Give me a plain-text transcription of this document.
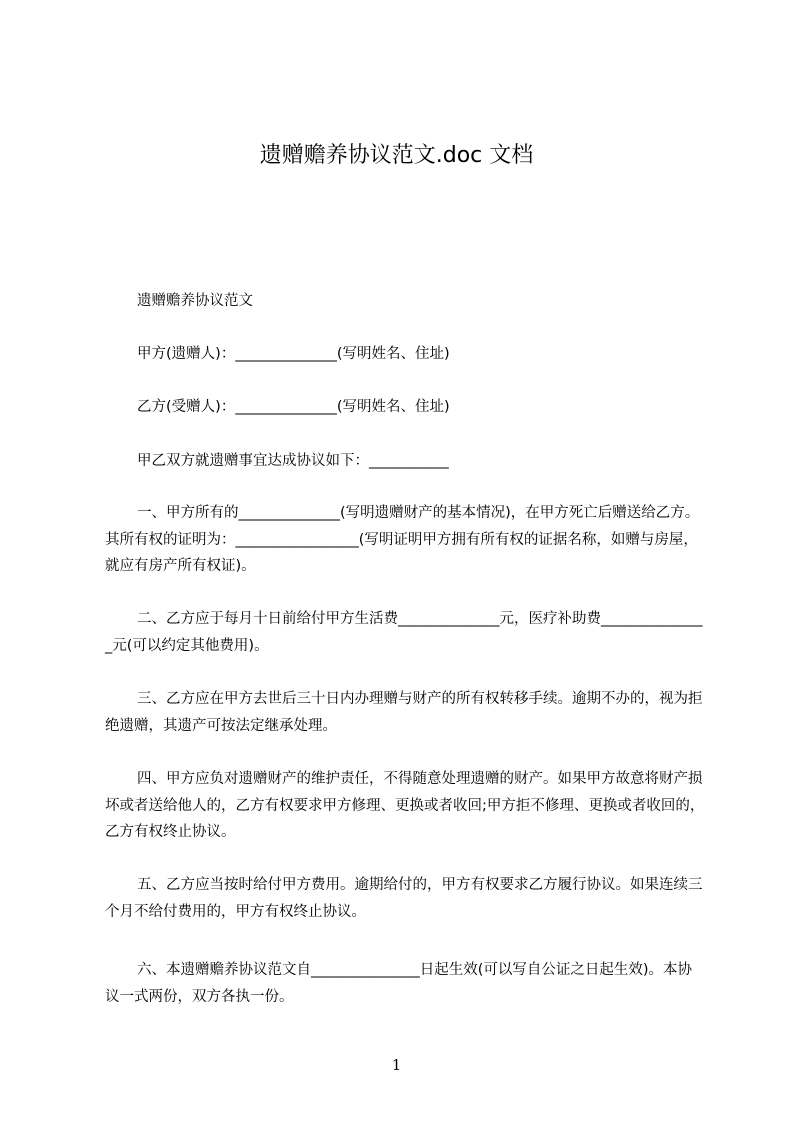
遗赠赡养协议范文.doc 文档

遗赠赡养协议范文

甲方(遗赠人)：______________(写明姓名、住址)

乙方(受赠人)：______________(写明姓名、住址)

甲乙双方就遗赠事宜达成协议如下：___________

一、甲方所有的______________(写明遗赠财产的基本情况)，在甲方死亡后赠送给乙方。其所有权的证明为：_________________(写明证明甲方拥有所有权的证据名称，如赠与房屋，就应有房产所有权证)。

二、乙方应于每月十日前给付甲方生活费______________元，医疗补助费_______________元(可以约定其他费用)。

三、乙方应在甲方去世后三十日内办理赠与财产的所有权转移手续。逾期不办的，视为拒绝遗赠，其遗产可按法定继承处理。

四、甲方应负对遗赠财产的维护责任，不得随意处理遗赠的财产。如果甲方故意将财产损坏或者送给他人的，乙方有权要求甲方修理、更换或者收回;甲方拒不修理、更换或者收回的，乙方有权终止协议。

五、乙方应当按时给付甲方费用。逾期给付的，甲方有权要求乙方履行协议。如果连续三个月不给付费用的，甲方有权终止协议。

六、本遗赠赡养协议范文自_______________日起生效(可以写自公证之日起生效)。本协议一式两份，双方各执一份。

1
